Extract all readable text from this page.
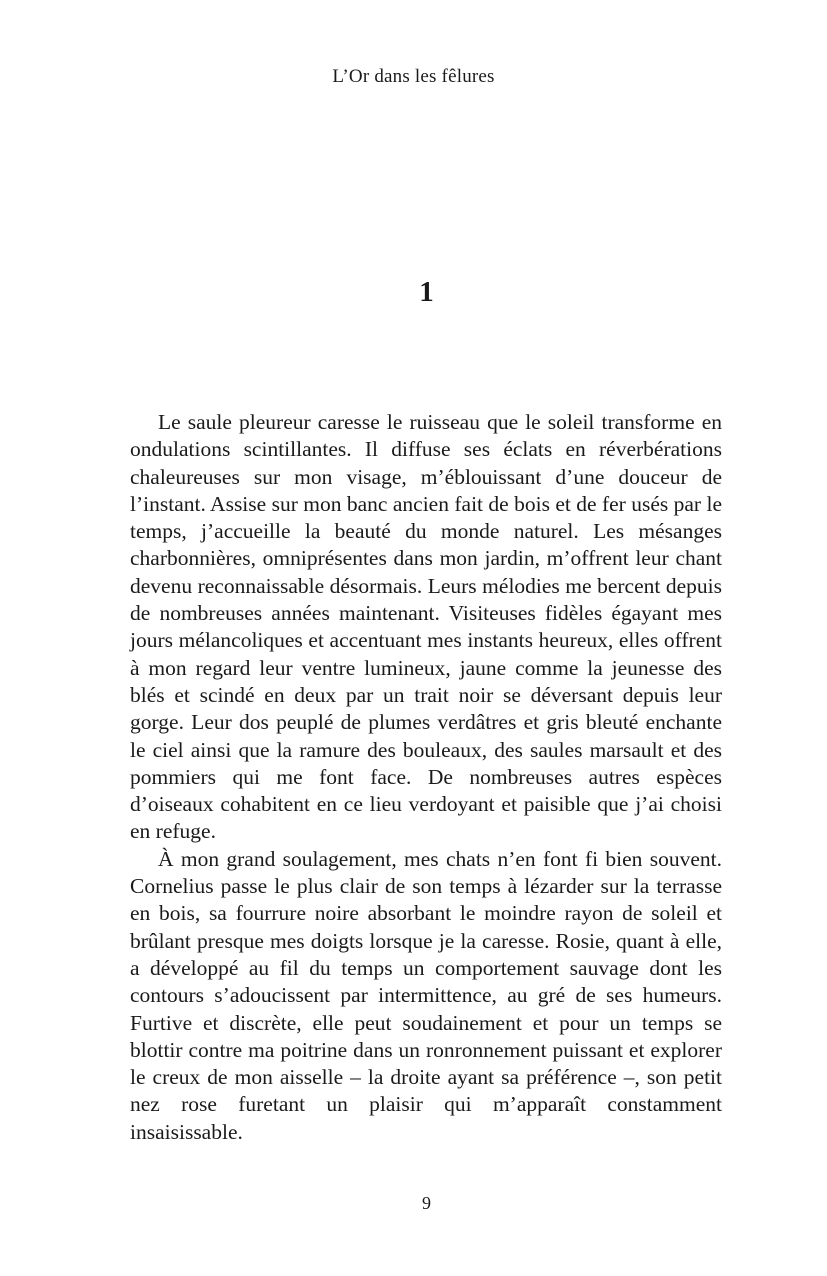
L’Or dans les fêlures
1

Le saule pleureur caresse le ruisseau que le soleil transforme en ondulations scintillantes. Il diffuse ses éclats en réverbérations chaleureuses sur mon visage, m’éblouissant d’une douceur de l’instant. Assise sur mon banc ancien fait de bois et de fer usés par le temps, j’accueille la beauté du monde naturel. Les mésanges charbonnières, omniprésentes dans mon jardin, m’offrent leur chant devenu reconnaissable désormais. Leurs mélodies me bercent depuis de nombreuses années maintenant. Visiteuses fidèles égayant mes jours mélancoliques et accentuant mes instants heureux, elles offrent à mon regard leur ventre lumineux, jaune comme la jeunesse des blés et scindé en deux par un trait noir se déversant depuis leur gorge. Leur dos peuplé de plumes verdâtres et gris bleuté enchante le ciel ainsi que la ramure des bouleaux, des saules marsault et des pommiers qui me font face. De nombreuses autres espèces d’oiseaux cohabitent en ce lieu verdoyant et paisible que j’ai choisi en refuge.

À mon grand soulagement, mes chats n’en font fi bien souvent. Cornelius passe le plus clair de son temps à lézarder sur la terrasse en bois, sa fourrure noire absorbant le moindre rayon de soleil et brûlant presque mes doigts lorsque je la caresse. Rosie, quant à elle, a développé au fil du temps un comportement sauvage dont les contours s’adoucissent par intermittence, au gré de ses humeurs. Furtive et discrète, elle peut soudainement et pour un temps se blottir contre ma poitrine dans un ronronnement puissant et explorer le creux de mon aisselle – la droite ayant sa préférence –, son petit nez rose furetant un plaisir qui m’apparaît constamment insaisissable.

9
